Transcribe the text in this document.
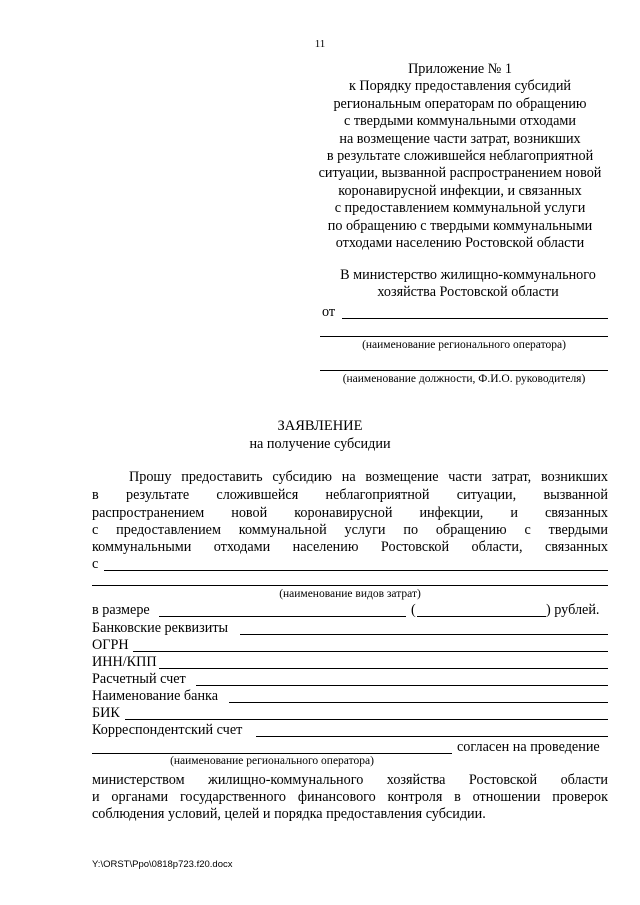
11
Приложение № 1
к Порядку предоставления субсидий
региональным операторам по обращению
с твердыми коммунальными отходами
на возмещение части затрат, возникших
в результате сложившейся неблагоприятной
ситуации, вызванной распространением новой
коронавирусной инфекции, и связанных
с предоставлением коммунальной услуги
по обращению с твердыми коммунальными
отходами населению Ростовской области
В министерство жилищно-коммунального
хозяйства Ростовской области
от
(наименование регионального оператора)
(наименование должности, Ф.И.О. руководителя)
ЗАЯВЛЕНИЕ
на получение субсидии
Прошу предоставить субсидию на возмещение части затрат, возникших
в результате сложившейся неблагоприятной ситуации, вызванной
распространением новой коронавирусной инфекции, и связанных
с предоставлением коммунальной услуги по обращению с твердыми
коммунальными отходами населению Ростовской области, связанных
с
(наименование видов затрат)
в размере	(	) рублей.
Банковские реквизиты
ОГРН
ИНН/КПП
Расчетный счет
Наименование банка
БИК
Корреспондентский счет
согласен на проведение
(наименование регионального оператора)
министерством жилищно-коммунального хозяйства Ростовской области
и органами государственного финансового контроля в отношении проверок
соблюдения условий, целей и порядка предоставления субсидии.
Y:\ORST\Ppo\0818p723.f20.docx
